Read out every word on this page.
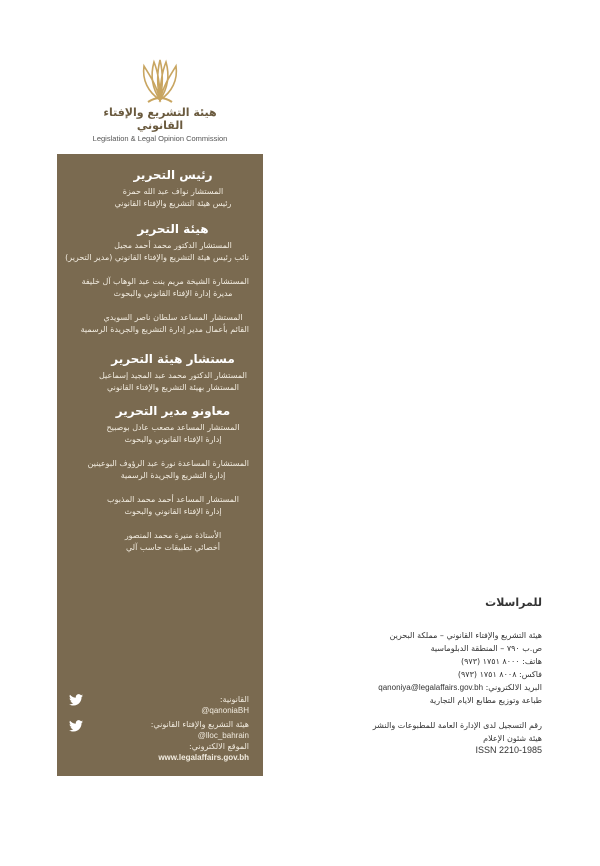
هيئة التشريع والإفتاء القانوني
Legislation & Legal Opinion Commission
رئيس التحرير
المستشار نواف عبد الله حمزة
رئيس هيئة التشريع والإفتاء القانوني
هيئة التحرير
المستشار الدكتور محمد أحمد مجيل
نائب رئيس هيئة التشريع والإفتاء القانوني (مدير التحرير)
المستشارة الشيخة مريم بنت عبد الوهاب آل خليفة
مديرة إدارة الإفتاء القانوني والبحوث
المستشار المساعد سلطان ناصر السويدي
القائم بأعمال مدير إدارة التشريع والجريدة الرسمية
مستشار هيئة التحرير
المستشار الدكتور محمد عبد المجيد إسماعيل
المستشار بهيئة التشريع والإفتاء القانوني
معاونو مدير التحرير
المستشار المساعد مصعب عادل بوصبيح
إدارة الإفتاء القانوني والبحوث
المستشارة المساعدة نورة عبد الرؤوف البوعينين
إدارة التشريع والجريدة الرسمية
المستشار المساعد أحمد محمد المذبوب
إدارة الإفتاء القانوني والبحوث
الأستاذة منيرة محمد المنصور
أخصائي تطبيقات حاسب آلي
القانونية:
@qanoniaBH
هيئة التشريع والإفتاء القانوني:
@lloc_bahrain
الموقع الالكتروني:
www.legalaffairs.gov.bh
للمراسلات
هيئة التشريع والإفتاء القانوني – مملكة البحرين
ص.ب ٧٩٠ – المنطقة الدبلوماسية
هاتف: ٨٠٠٠ ١٧٥١ (٩٧٣)
فاكس: ٨٠٠٨ ١٧٥١ (٩٧٣)
البريد الالكتروني: qanoniya@legalaffairs.gov.bh
طباعة وتوزيع مطابع الايام التجارية
رقم التسجيل لدى الإدارة العامة للمطبوعات والنشر
هيئة شئون الإعلام
ISSN 2210-1985
